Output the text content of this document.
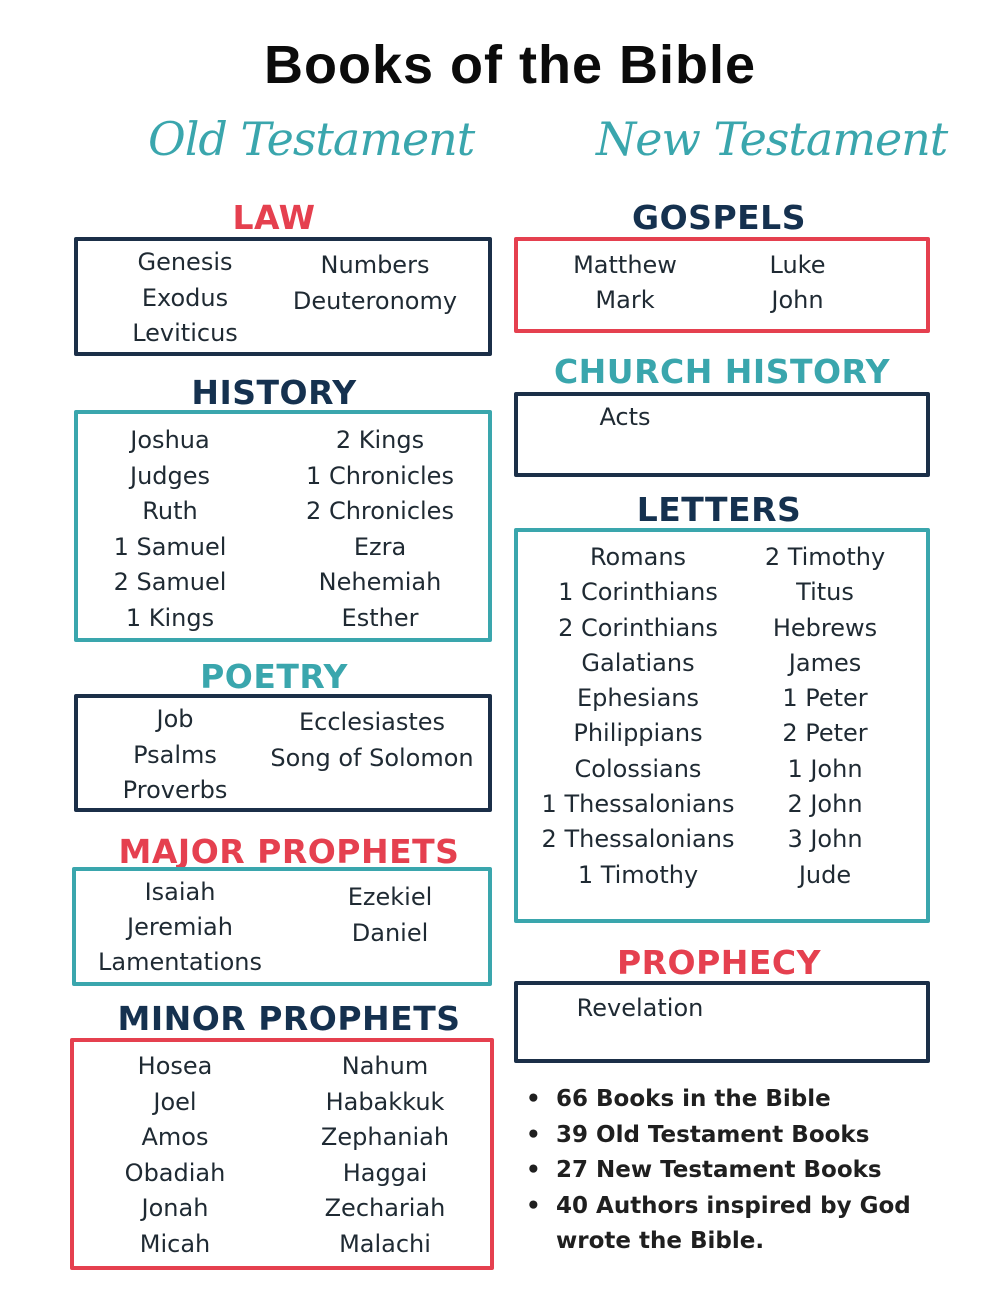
Books of the Bible
Old Testament	New Testament
LAW
Genesis
Exodus
Leviticus
Numbers
Deuteronomy
HISTORY
Joshua
Judges
Ruth
1 Samuel
2 Samuel
1 Kings
2 Kings
1 Chronicles
2 Chronicles
Ezra
Nehemiah
Esther
POETRY
Job
Psalms
Proverbs
Ecclesiastes
Song of Solomon
MAJOR PROPHETS
Isaiah
Jeremiah
Lamentations
Ezekiel
Daniel
MINOR PROPHETS
Hosea
Joel
Amos
Obadiah
Jonah
Micah
Nahum
Habakkuk
Zephaniah
Haggai
Zechariah
Malachi
GOSPELS
Matthew
Mark
Luke
John
CHURCH HISTORY
Acts
LETTERS
Romans
1 Corinthians
2 Corinthians
Galatians
Ephesians
Philippians
Colossians
1 Thessalonians
2 Thessalonians
1 Timothy
2 Timothy
Titus
Hebrews
James
1 Peter
2 Peter
1 John
2 John
3 John
Jude
PROPHECY
Revelation
• 66 Books in the Bible
• 39 Old Testament Books
• 27 New Testament Books
• 40 Authors inspired by God wrote the Bible.
